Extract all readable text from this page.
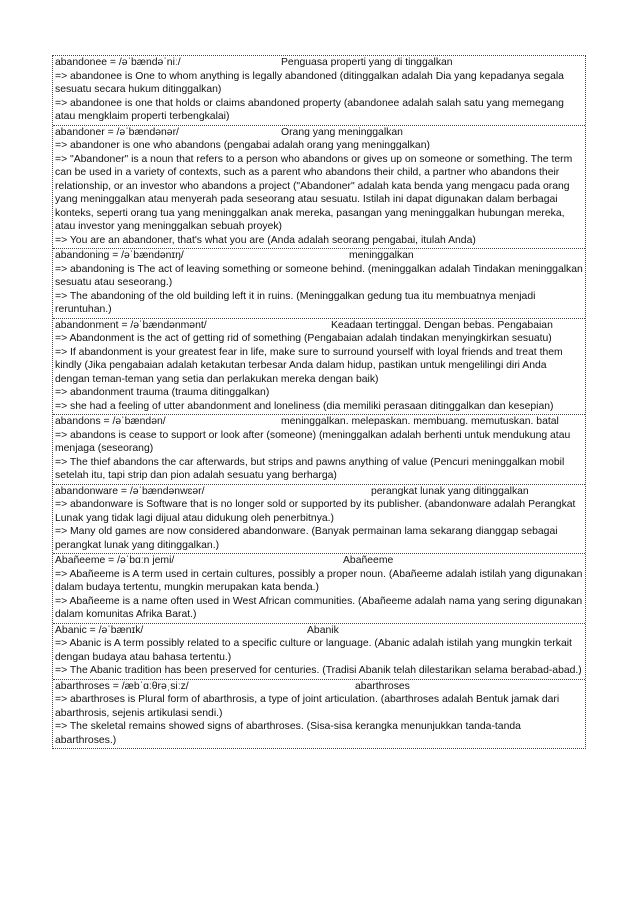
abandonee = /əˈbændəˈniː/	Penguasa properti yang di tinggalkan

=> abandonee is One to whom anything is legally abandoned (ditinggalkan adalah Dia yang kepadanya segala sesuatu secara hukum ditinggalkan)

=> abandonee is one that holds or claims abandoned property (abandonee adalah salah satu yang memegang

atau mengklaim properti terbengkalai)

abandoner = /əˈbændənər/	Orang yang meninggalkan

=> abandoner is one who abandons (pengabai adalah orang yang meninggalkan)

=> "Abandoner" is a noun that refers to a person who abandons or gives up on someone or something. The term can be used in a variety of contexts, such as a parent who abandons their child, a partner who abandons their relationship, or an investor who abandons a project ("Abandoner" adalah kata benda yang mengacu pada orang yang meninggalkan atau menyerah pada seseorang atau sesuatu. Istilah ini dapat digunakan dalam berbagai konteks, seperti orang tua yang meninggalkan anak mereka, pasangan yang meninggalkan hubungan mereka, atau investor yang meninggalkan sebuah proyek)

=> You are an abandoner, that's what you are (Anda adalah seorang pengabai, itulah Anda)

abandoning = /əˈbændənɪŋ/	meninggalkan

=> abandoning is The act of leaving something or someone behind. (meninggalkan adalah Tindakan meninggalkan sesuatu atau seseorang.)

=> The abandoning of the old building left it in ruins. (Meninggalkan gedung tua itu membuatnya menjadi reruntuhan.)

abandonment = /əˈbændənmənt/	Keadaan tertinggal. Dengan bebas. Pengabaian

=> Abandonment is the act of getting rid of something (Pengabaian adalah tindakan menyingkirkan sesuatu)

=> If abandonment is your greatest fear in life, make sure to surround yourself with loyal friends and treat them kindly (Jika pengabaian adalah ketakutan terbesar Anda dalam hidup, pastikan untuk mengelilingi diri Anda dengan teman-teman yang setia dan perlakukan mereka dengan baik)

=> abandonment trauma (trauma ditinggalkan)

=> she had a feeling of utter abandonment and loneliness (dia memiliki perasaan ditinggalkan dan kesepian)

abandons = /əˈbændən/	meninggalkan. melepaskan. membuang. memutuskan. batal

=> abandons is cease to support or look after (someone) (meninggalkan adalah berhenti untuk mendukung atau menjaga (seseorang)

=> The thief abandons the car afterwards, but strips and pawns anything of value (Pencuri meninggalkan mobil

setelah itu, tapi strip dan pion adalah sesuatu yang berharga)

abandonware = /əˈbændənwɛər/	perangkat lunak yang ditinggalkan

=> abandonware is Software that is no longer sold or supported by its publisher. (abandonware adalah Perangkat Lunak yang tidak lagi dijual atau didukung oleh penerbitnya.)

=> Many old games are now considered abandonware. (Banyak permainan lama sekarang dianggap sebagai perangkat lunak yang ditinggalkan.)

Abañeeme = /əˈbɑːn jemi/	Abañeeme

=> Abañeeme is A term used in certain cultures, possibly a proper noun. (Abañeeme adalah istilah yang digunakan dalam budaya tertentu, mungkin merupakan kata benda.)

=> Abañeeme is a name often used in West African communities. (Abañeeme adalah nama yang sering digunakan dalam komunitas Afrika Barat.)

Abanic = /əˈbænɪk/	Abanik

=> Abanic is A term possibly related to a specific culture or language. (Abanic adalah istilah yang mungkin terkait dengan budaya atau bahasa tertentu.)

=> The Abanic tradition has been preserved for centuries. (Tradisi Abanik telah dilestarikan selama berabad-abad.)

abarthroses = /æbˈɑːθrəˌsiːz/	abarthroses

=> abarthroses is Plural form of abarthrosis, a type of joint articulation. (abarthroses adalah Bentuk jamak dari abarthrosis, sejenis artikulasi sendi.)

=> The skeletal remains showed signs of abarthroses. (Sisa-sisa kerangka menunjukkan tanda-tanda abarthroses.)
